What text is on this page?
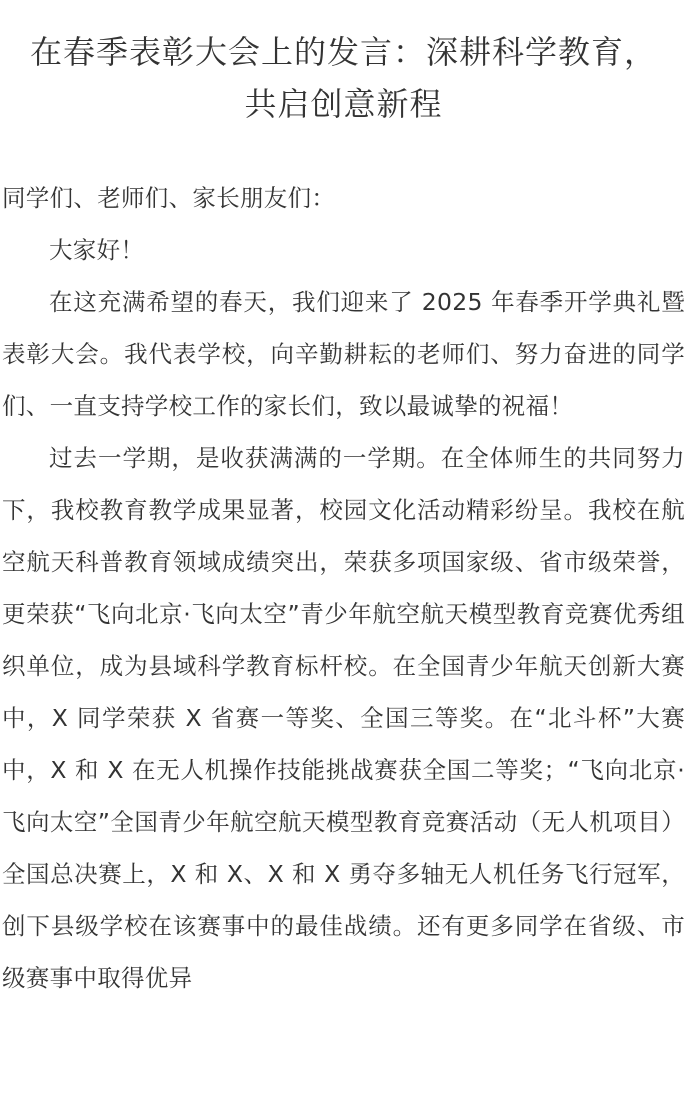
在春季表彰大会上的发言：深耕科学教育，
共启创意新程

同学们、老师们、家长朋友们：

大家好！

在这充满希望的春天，我们迎来了 2025 年春季开学典礼暨表彰大会。我代表学校，向辛勤耕耘的老师们、努力奋进的同学们、一直支持学校工作的家长们，致以最诚挚的祝福！

过去一学期，是收获满满的一学期。在全体师生的共同努力下，我校教育教学成果显著，校园文化活动精彩纷呈。我校在航空航天科普教育领域成绩突出，荣获多项国家级、省市级荣誉，更荣获“飞向北京·飞向太空”青少年航空航天模型教育竞赛优秀组织单位，成为县域科学教育标杆校。在全国青少年航天创新大赛中，X 同学荣获 X 省赛一等奖、全国三等奖。在“北斗杯”大赛中，X 和 X 在无人机操作技能挑战赛获全国二等奖；“飞向北京·飞向太空”全国青少年航空航天模型教育竞赛活动（无人机项目）全国总决赛上，X 和 X、X 和 X 勇夺多轴无人机任务飞行冠军，创下县级学校在该赛事中的最佳战绩。还有更多同学在省级、市级赛事中取得优异
